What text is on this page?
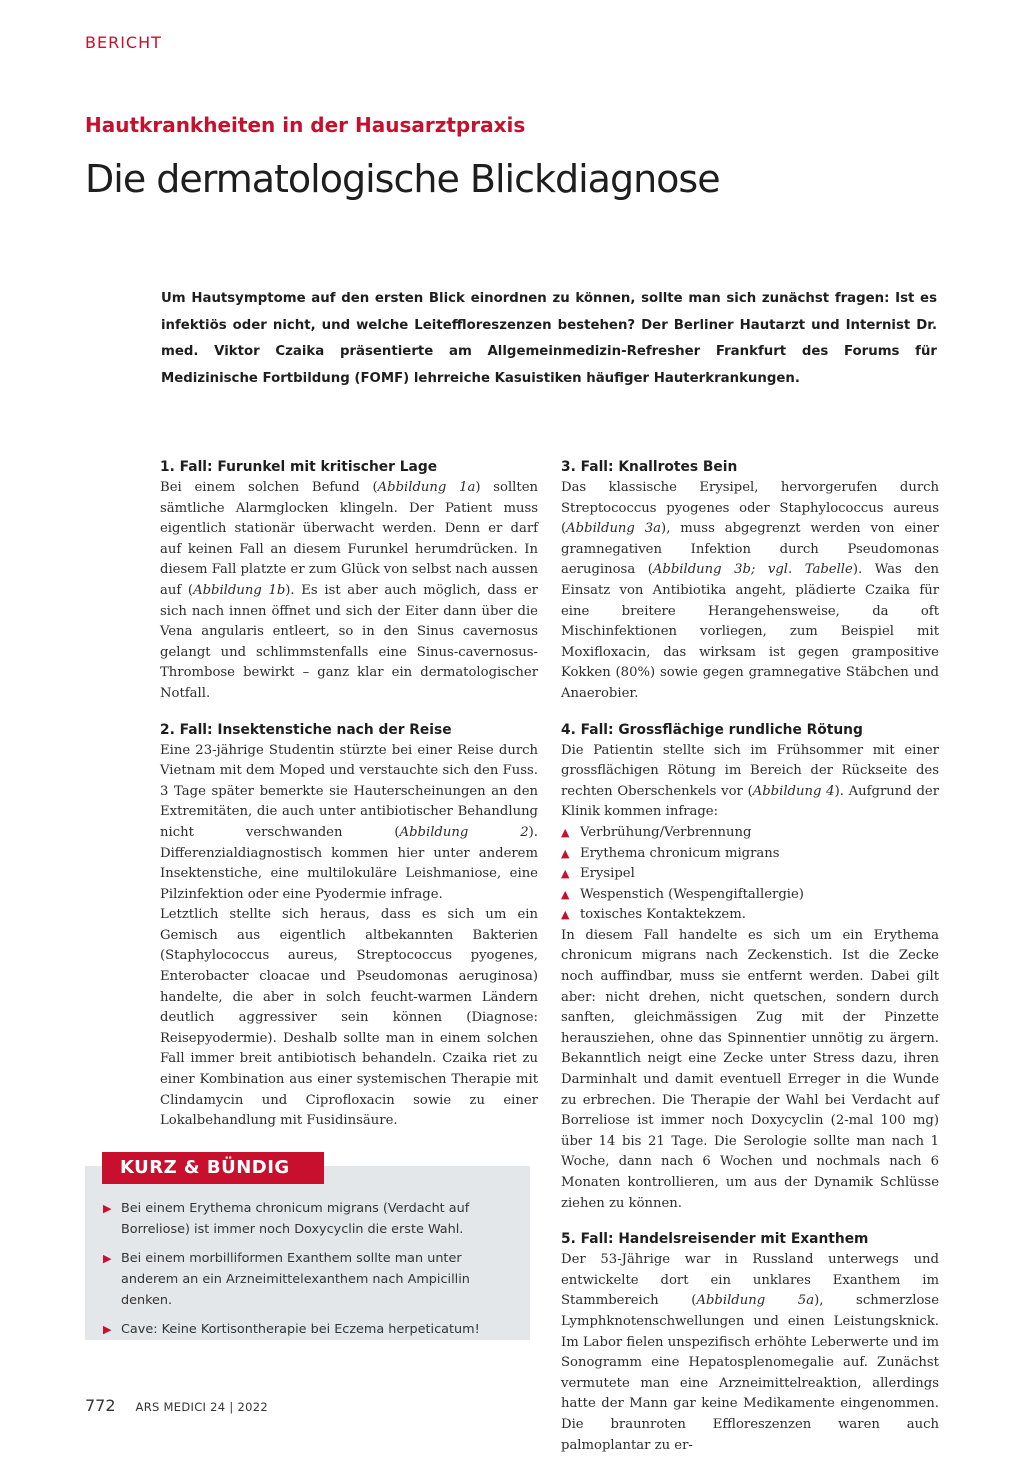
BERICHT
Hautkrankheiten in der Hausarztpraxis
Die dermatologische Blickdiagnose
Um Hautsymptome auf den ersten Blick einordnen zu können, sollte man sich zunächst fragen: Ist es infektiös oder nicht, und welche Leiteffloreszenzen bestehen? Der Berliner Hautarzt und Internist Dr. med. Viktor Czaika präsentierte am Allgemeinmedizin-Refresher Frankfurt des Forums für Medizinische Fortbildung (FOMF) lehrreiche Kasuistiken häufiger Hauterkrankungen.
1. Fall: Furunkel mit kritischer Lage

Bei einem solchen Befund (Abbildung 1a) sollten sämtliche Alarmglocken klingeln. Der Patient muss eigentlich stationär überwacht werden. Denn er darf auf keinen Fall an diesem Furunkel herumdrücken. In diesem Fall platzte er zum Glück von selbst nach aussen auf (Abbildung 1b). Es ist aber auch möglich, dass er sich nach innen öffnet und sich der Eiter dann über die Vena angularis entleert, so in den Sinus cavernosus gelangt und schlimmstenfalls eine Sinus-cavernosus-Thrombose bewirkt – ganz klar ein dermatologischer Notfall.

2. Fall: Insektenstiche nach der Reise

Eine 23-jährige Studentin stürzte bei einer Reise durch Vietnam mit dem Moped und verstauchte sich den Fuss. 3 Tage später bemerkte sie Hauterscheinungen an den Extremitäten, die auch unter antibiotischer Behandlung nicht verschwanden (Abbildung 2). Differenzialdiagnostisch kommen hier unter anderem Insektenstiche, eine multilokuläre Leishmaniose, eine Pilzinfektion oder eine Pyodermie infrage.

Letztlich stellte sich heraus, dass es sich um ein Gemisch aus eigentlich altbekannten Bakterien (Staphylococcus aureus, Streptococcus pyogenes, Enterobacter cloacae und Pseudomonas aeruginosa) handelte, die aber in solch feucht-warmen Ländern deutlich aggressiver sein können (Diagnose: Reisepyodermie). Deshalb sollte man in einem solchen Fall immer breit antibiotisch behandeln. Czaika riet zu einer Kombination aus einer systemischen Therapie mit Clindamycin und Ciprofloxacin sowie zu einer Lokalbehandlung mit Fusidinsäure.

3. Fall: Knallrotes Bein

Das klassische Erysipel, hervorgerufen durch Streptococcus pyogenes oder Staphylococcus aureus (Abbildung 3a), muss abgegrenzt werden von einer gramnegativen Infektion durch Pseudomonas aeruginosa (Abbildung 3b; vgl. Tabelle). Was den Einsatz von Antibiotika angeht, plädierte Czaika für eine breitere Herangehensweise, da oft Mischinfektionen vorliegen, zum Beispiel mit Moxifloxacin, das wirksam ist gegen grampositive Kokken (80%) sowie gegen gramnegative Stäbchen und Anaerobier.

4. Fall: Grossflächige rundliche Rötung

Die Patientin stellte sich im Frühsommer mit einer grossflächigen Rötung im Bereich der Rückseite des rechten Oberschenkels vor (Abbildung 4). Aufgrund der Klinik kommen infrage:

▲ Verbrühung/Verbrennung
▲ Erythema chronicum migrans
▲ Erysipel
▲ Wespenstich (Wespengiftallergie)
▲ toxisches Kontaktekzem.

In diesem Fall handelte es sich um ein Erythema chronicum migrans nach Zeckenstich. Ist die Zecke noch auffindbar, muss sie entfernt werden. Dabei gilt aber: nicht drehen, nicht quetschen, sondern durch sanften, gleichmässigen Zug mit der Pinzette herausziehen, ohne das Spinnentier unnötig zu ärgern. Bekanntlich neigt eine Zecke unter Stress dazu, ihren Darminhalt und damit eventuell Erreger in die Wunde zu erbrechen. Die Therapie der Wahl bei Verdacht auf Borreliose ist immer noch Doxycyclin (2-mal 100 mg) über 14 bis 21 Tage. Die Serologie sollte man nach 1 Woche, dann nach 6 Wochen und nochmals nach 6 Monaten kontrollieren, um aus der Dynamik Schlüsse ziehen zu können.

5. Fall: Handelsreisender mit Exanthem

Der 53-Jährige war in Russland unterwegs und entwickelte dort ein unklares Exanthem im Stammbereich (Abbildung 5a), schmerzlose Lymphknotenschwellungen und einen Leistungsknick. Im Labor fielen unspezifisch erhöhte Leberwerte und im Sonogramm eine Hepatosplenomegalie auf. Zunächst vermutete man eine Arzneimittelreaktion, allerdings hatte der Mann gar keine Medikamente eingenommen. Die braunroten Effloreszenzen waren auch palmoplantar zu er-

▶ Bei einem Erythema chronicum migrans (Verdacht auf Borreliose) ist immer noch Doxycyclin die erste Wahl.
▶ Bei einem morbilliformen Exanthem sollte man unter anderem an ein Arzneimittelexanthem nach Ampicillin denken.
▶ Cave: Keine Kortisontherapie bei Eczema herpeticatum!
KURZ & BÜNDIG
772 ARS MEDICI 24 | 2022
